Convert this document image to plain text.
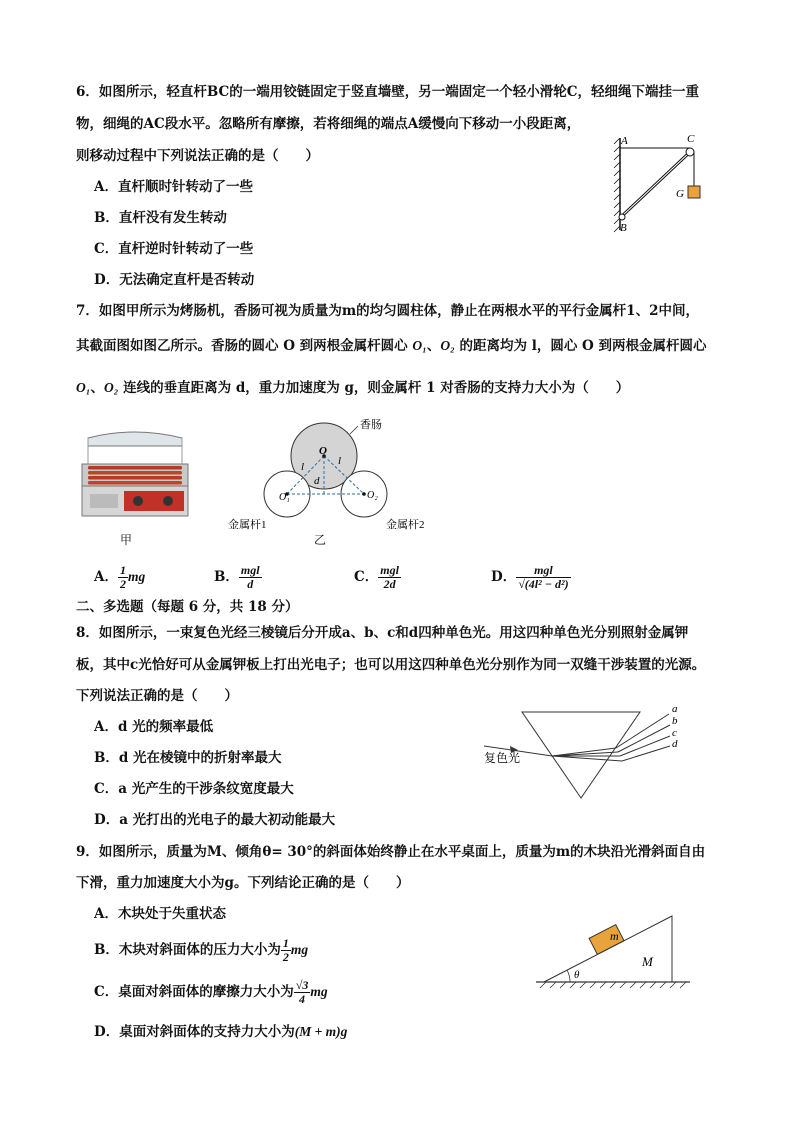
6．如图所示，轻直杆BC的一端用铰链固定于竖直墙壁，另一端固定一个轻小滑轮C，轻细绳下端挂一重
物，细绳的AC段水平。忽略所有摩擦，若将细绳的端点A缓慢向下移动一小段距离，
则移动过程中下列说法正确的是（　　）
A．直杆顺时针转动了一些
B．直杆没有发生转动
C．直杆逆时针转动了一些
D．无法确定直杆是否转动
A	C
G
B
7．如图甲所示为烤肠机，香肠可视为质量为m的均匀圆柱体，静止在两根水平的平行金属杆1、2中间，
其截面图如图乙所示。香肠的圆心 O 到两根金属杆圆心 O₁、O₂ 的距离均为 l，圆心 O 到两根金属杆圆心
O₁、O₂ 连线的垂直距离为 d，重力加速度为 g，则金属杆 1 对香肠的支持力大小为（　　）
甲
O
O₁	O₂
l	l
d
香肠
金属杆1	金属杆2
乙
A． $\frac{1}{2}$ mg	B． $\frac{\text{mgl}}{d}$	C． $\frac{\text{mgl}}{2d}$	D． $\frac{\text{mgl}}{\text{√(4l² − d²)}}$
二、多选题（每题 6 分，共 18 分）
8．如图所示，一束复色光经三棱镜后分开成a、b、c和d四种单色光。用这四种单色光分别照射金属钾
板，其中c光恰好可从金属钾板上打出光电子；也可以用这四种单色光分别作为同一双缝干涉装置的光源。
下列说法正确的是（　　）
A．d 光的频率最低
B．d 光在棱镜中的折射率最大
C．a 光产生的干涉条纹宽度最大
D．a 光打出的光电子的最大初动能最大
复色光
a
b
c
d
9．如图所示，质量为M、倾角θ= 30°的斜面体始终静止在水平桌面上，质量为m的木块沿光滑斜面自由
下滑，重力加速度大小为g。下列结论正确的是（　　）
A．木块处于失重状态
B．木块对斜面体的压力大小为 $\frac{1}{2}$ mg
C．桌面对斜面体的摩擦力大小为 $\frac{√3}{4}$ mg
D．桌面对斜面体的支持力大小为(M + m)g
m
M
θ
